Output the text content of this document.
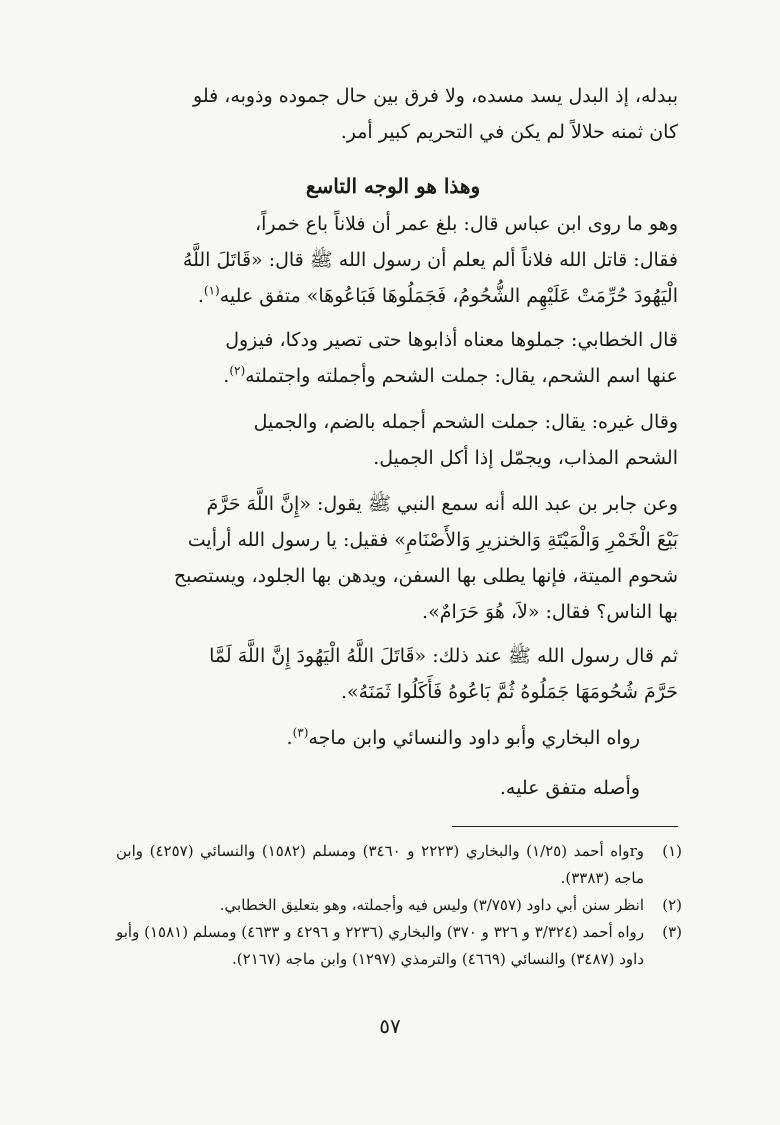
ببدله، إذ البدل يسد مسده، ولا فرق بين حال جموده وذوبه، فلو
كان ثمنه حلالاً لم يكن في التحريم كبير أمر.
وهذا هو الوجه التاسع
وهو ما روى ابن عباس قال: بلغ عمر أن فلاناً باع خمراً،
فقال: قاتل الله فلاناً ألم يعلم أن رسول الله ﷺ قال: «قَاتَلَ اللَّهُ
الْيَهُودَ حُرِّمَتْ عَلَيْهِم الشُّحُومُ، فَجَمَلُوهَا فَبَاعُوهَا» متفق عليه$^{(١)}$.
قال الخطابي: جملوها معناه أذابوها حتى تصير ودكا، فيزول
عنها اسم الشحم، يقال: جملت الشحم وأجملته واجتملته$^{(٢)}$.
وقال غيره: يقال: جملت الشحم أجمله بالضم، والجميل
الشحم المذاب، ويجمّل إذا أكل الجميل.
وعن جابر بن عبد الله أنه سمع النبي ﷺ يقول: «إِنَّ اللَّهَ حَرَّمَ
بَيْعَ الْخَمْرِ وَالْمَيْتَةِ وَالخنزيرِ وَالأَصْنَامِ» فقيل: يا رسول الله أرأيت
شحوم الميتة، فإنها يطلى بها السفن، ويدهن بها الجلود، ويستصبح
بها الناس؟ فقال: «لاَ، هُوَ حَرَامٌ».
ثم قال رسول الله ﷺ عند ذلك: «قَاتَلَ اللَّهُ الْيَهُودَ إِنَّ اللَّهَ لَمَّا
حَرَّمَ شُحُومَهَا جَمَلُوهُ ثُمَّ بَاعُوهُ فَأَكَلُوا ثَمَنَهُ».
رواه البخاري وأبو داود والنسائي وابن ماجه$^{(٣)}$.
وأصله متفق عليه.
(١)
وrواه أحمد (١/٢٥) والبخاري (٢٢٢٣ و ٣٤٦٠) ومسلم (١٥٨٢) والنسائي (٤٢٥٧) وابن ماجه (٣٣٨٣).
(٢)
انظر سنن أبي داود (٣/٧٥٧) وليس فيه وأجملته، وهو بتعليق الخطابي.
(٣)
رواه أحمد (٣/٣٢٤ و ٣٢٦ و ٣٧٠) والبخاري (٢٢٣٦ و ٤٢٩٦ و ٤٦٣٣) ومسلم (١٥٨١) وأبو داود (٣٤٨٧) والنسائي (٤٦٦٩) والترمذي (١٢٩٧) وابن ماجه (٢١٦٧).
٥٧
